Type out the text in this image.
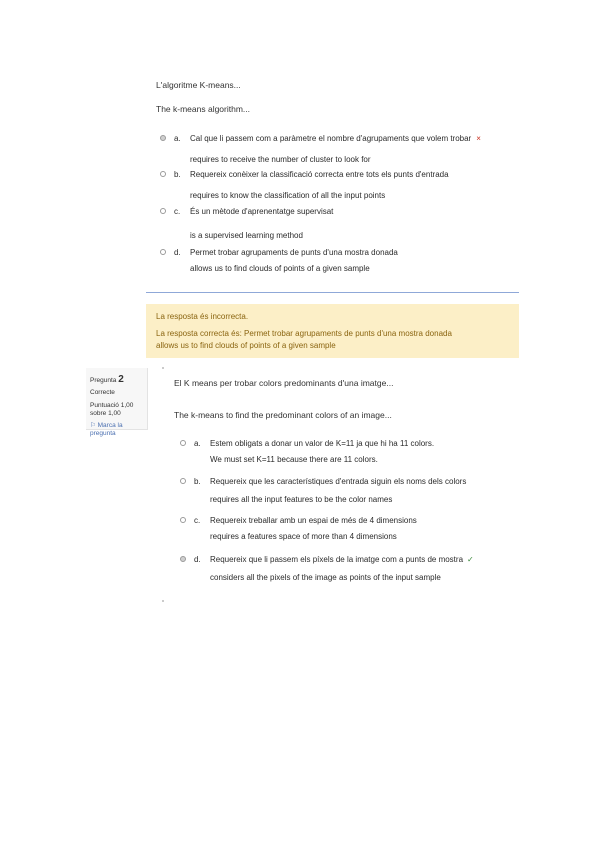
L'algoritme K-means...
The k-means algorithm...
a.	Cal que li passem com a paràmetre el nombre d'agrupaments que volem trobar ×
requires to receive the number of cluster to look for
b.	Requereix conèixer la classificació correcta entre tots els punts d'entrada
requires to know the classification of all the input points
c.	És un mètode d'aprenentatge supervisat
is a supervised learning method
d.	Permet trobar agrupaments de punts d'una mostra donada
allows us to find clouds of points of a given sample
La resposta és incorrecta.
La resposta correcta és: Permet trobar agrupaments de punts d'una mostra donada
allows us to find clouds of points of a given sample
Pregunta 2
Correcte
Puntuació 1,00 sobre 1,00
⚐ Marca la pregunta
El K means per trobar colors predominants d'una imatge...
The k-means to find the predominant colors of an image...
a.	Estem obligats a donar un valor de K=11 ja que hi ha 11 colors.
We must set K=11 because there are 11 colors.
b.	Requereix que les característiques d'entrada siguin els noms dels colors
requires all the input features to be the color names
c.	Requereix treballar amb un espai de més de 4 dimensions
requires a features space of more than 4 dimensions
d.	Requereix que li passem els píxels de la imatge com a punts de mostra ✓
considers all the pixels of the image as points of the input sample
